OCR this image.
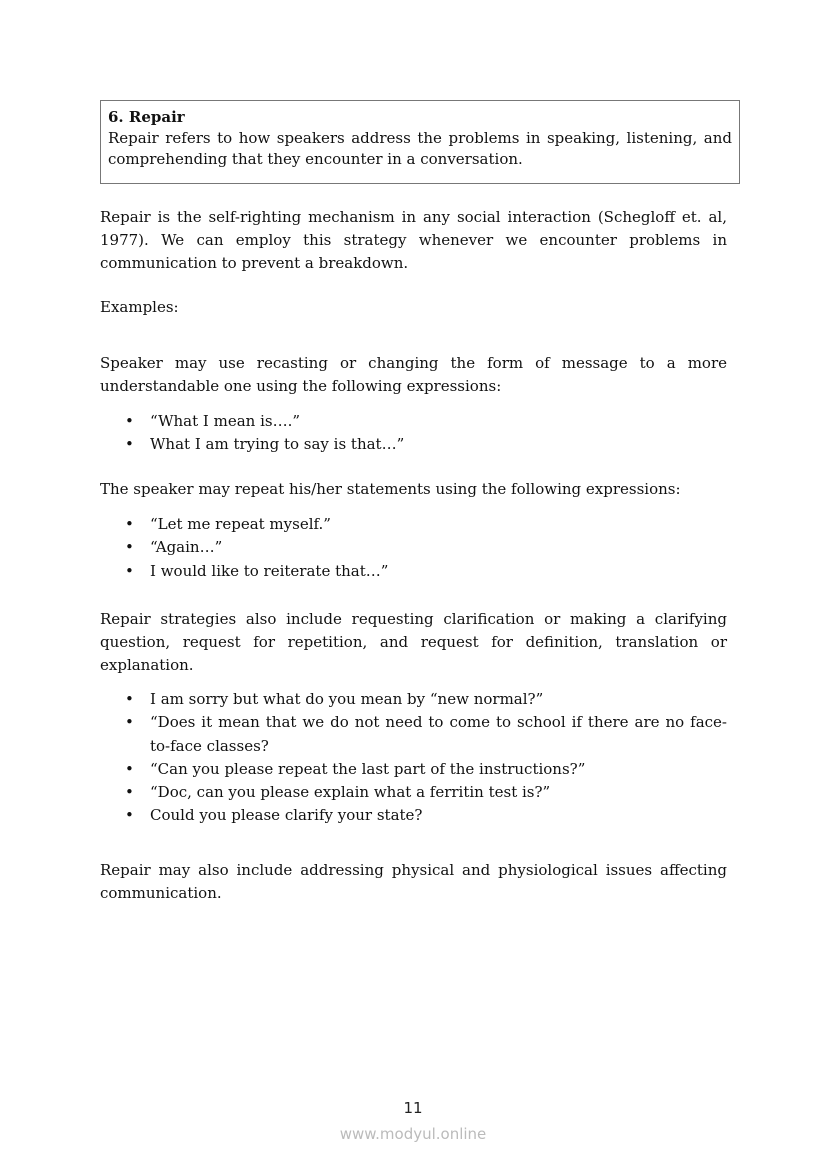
6. Repair

Repair refers to how speakers address the problems in speaking, listening, and comprehending that they encounter in a conversation.

Repair is the self-righting mechanism in any social interaction (Schegloff et. al, 1977). We can employ this strategy whenever we encounter problems in communication to prevent a breakdown.

Examples:

Speaker may use recasting or changing the form of message to a more understandable one using the following expressions:

• “What I mean is….”
• What I am trying to say is that…”

The speaker may repeat his/her statements using the following expressions:

• “Let me repeat myself.”
• “Again…”
• I would like to reiterate that…”

Repair strategies also include requesting clarification or making a clarifying question, request for repetition, and request for definition, translation or explanation.

• I am sorry but what do you mean by “new normal?”
• “Does it mean that we do not need to come to school if there are no face-to-face classes?
• “Can you please repeat the last part of the instructions?”
• “Doc, can you please explain what a ferritin test is?”
• Could you please clarify your state?

Repair may also include addressing physical and physiological issues affecting communication.

11
www.modyul.online
